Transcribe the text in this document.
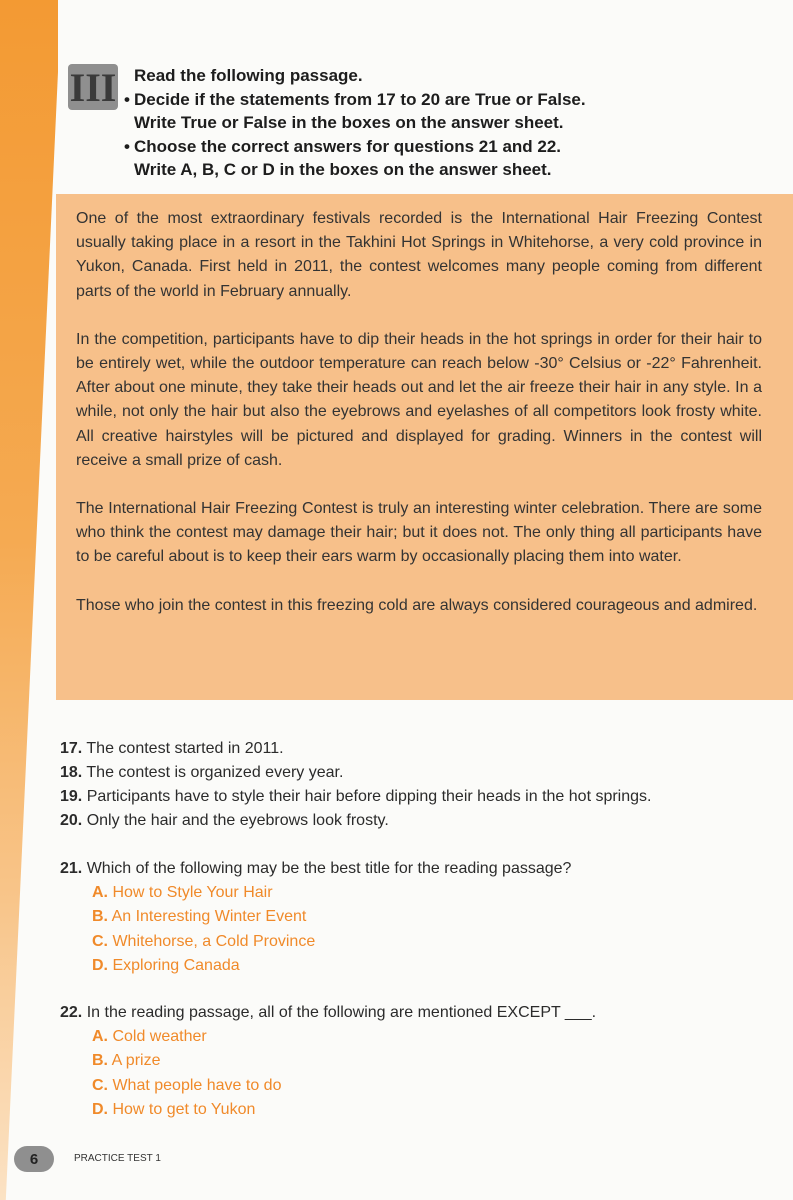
III	Read the following passage.
• Decide if the statements from 17 to 20 are True or False.
Write True or False in the boxes on the answer sheet.
• Choose the correct answers for questions 21 and 22.
Write A, B, C or D in the boxes on the answer sheet.

One of the most extraordinary festivals recorded is the International Hair Freezing Contest usually taking place in a resort in the Takhini Hot Springs in Whitehorse, a very cold province in Yukon, Canada. First held in 2011, the contest welcomes many people coming from different parts of the world in February annually.

In the competition, participants have to dip their heads in the hot springs in order for their hair to be entirely wet, while the outdoor temperature can reach below -30° Celsius or -22° Fahrenheit. After about one minute, they take their heads out and let the air freeze their hair in any style. In a while, not only the hair but also the eyebrows and eyelashes of all competitors look frosty white. All creative hairstyles will be pictured and displayed for grading. Winners in the contest will receive a small prize of cash.

The International Hair Freezing Contest is truly an interesting winter celebration. There are some who think the contest may damage their hair; but it does not. The only thing all participants have to be careful about is to keep their ears warm by occasionally placing them into water.

Those who join the contest in this freezing cold are always considered courageous and admired.

17. The contest started in 2011.
18. The contest is organized every year.
19. Participants have to style their hair before dipping their heads in the hot springs.
20. Only the hair and the eyebrows look frosty.
21. Which of the following may be the best title for the reading passage?
A. How to Style Your Hair
B. An Interesting Winter Event
C. Whitehorse, a Cold Province
D. Exploring Canada
22. In the reading passage, all of the following are mentioned EXCEPT ___.
A. Cold weather
B. A prize
C. What people have to do
D. How to get to Yukon
6	PRACTICE TEST 1
